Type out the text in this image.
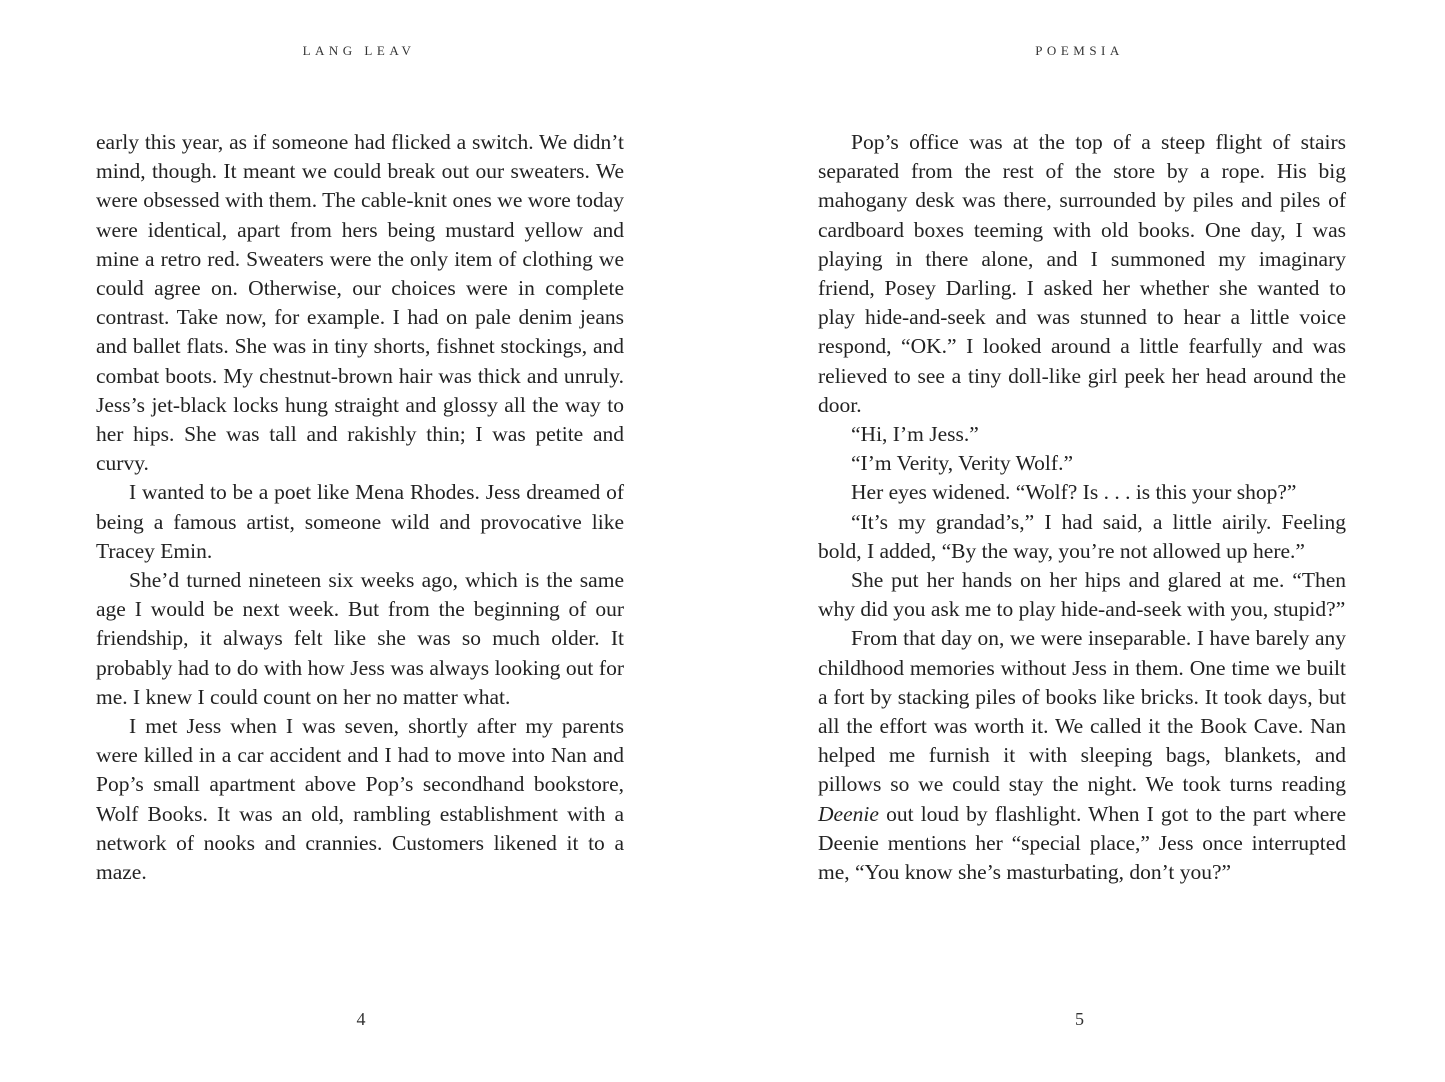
LANG LEAV

early this year, as if someone had flicked a switch. We didn’t mind, though. It meant we could break out our sweaters. We were obsessed with them. The cable-knit ones we wore today were identical, apart from hers being mustard yellow and mine a retro red. Sweaters were the only item of clothing we could agree on. Otherwise, our choices were in complete contrast. Take now, for example. I had on pale denim jeans and ballet flats. She was in tiny shorts, fishnet stockings, and combat boots. My chestnut-brown hair was thick and unruly. Jess’s jet-black locks hung straight and glossy all the way to her hips. She was tall and rakishly thin; I was petite and curvy.

I wanted to be a poet like Mena Rhodes. Jess dreamed of being a famous artist, someone wild and provocative like Tracey Emin.

She’d turned nineteen six weeks ago, which is the same age I would be next week. But from the beginning of our friendship, it always felt like she was so much older. It probably had to do with how Jess was always looking out for me. I knew I could count on her no matter what.

I met Jess when I was seven, shortly after my parents were killed in a car accident and I had to move into Nan and Pop’s small apartment above Pop’s secondhand bookstore, Wolf Books. It was an old, rambling establishment with a network of nooks and crannies. Customers likened it to a maze.

4
POEMSIA

Pop’s office was at the top of a steep flight of stairs separated from the rest of the store by a rope. His big mahogany desk was there, surrounded by piles and piles of cardboard boxes teeming with old books. One day, I was playing in there alone, and I summoned my imaginary friend, Posey Darling. I asked her whether she wanted to play hide-and-seek and was stunned to hear a little voice respond, “OK.” I looked around a little fearfully and was relieved to see a tiny doll-like girl peek her head around the door.

“Hi, I’m Jess.”

“I’m Verity, Verity Wolf.”

Her eyes widened. “Wolf? Is . . . is this your shop?”

“It’s my grandad’s,” I had said, a little airily. Feeling bold, I added, “By the way, you’re not allowed up here.”

She put her hands on her hips and glared at me. “Then why did you ask me to play hide-and-seek with you, stupid?”

From that day on, we were inseparable. I have barely any childhood memories without Jess in them. One time we built a fort by stacking piles of books like bricks. It took days, but all the effort was worth it. We called it the Book Cave. Nan helped me furnish it with sleeping bags, blankets, and pillows so we could stay the night. We took turns reading Deenie out loud by flashlight. When I got to the part where Deenie mentions her “special place,” Jess once interrupted me, “You know she’s masturbating, don’t you?”

5
